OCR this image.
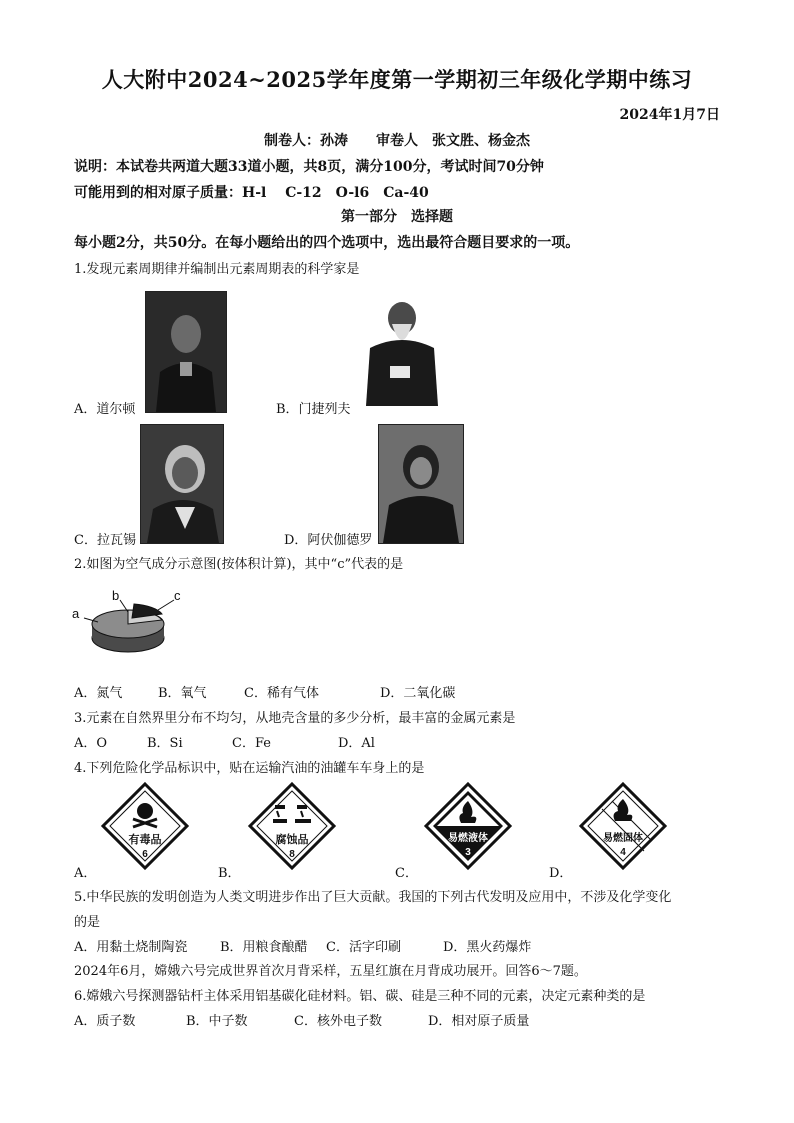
人大附中2024~2025学年度第一学期初三年级化学期中练习
2024年1月7日
制卷人：孙涛　　审卷人　张文胜、杨金杰
说明：本试卷共两道大题33道小题，共8页，满分100分，考试时间70分钟
可能用到的相对原子质量：H-l　 C-12　O-l6　Ca-40
第一部分　选择题
每小题2分，共50分。在每小题给出的四个选项中，选出最符合题目要求的一项。
1.发现元素周期律并编制出元素周期表的科学家是
A．道尔顿	B．门捷列夫
C．拉瓦锡	D．阿伏伽德罗
2.如图为空气成分示意图(按体积计算)，其中“c”代表的是
a
b	c
A．氮气	B．氧气	C．稀有气体	D．二氧化碳
3.元素在自然界里分布不均匀，从地壳含量的多少分析，最丰富的金属元素是
A．O	B．Si	C．Fe	D．Al
4.下列危险化学品标识中，贴在运输汽油的油罐车车身上的是
有毒品
6
腐蚀品
8
易燃液体
3
易燃固体
4
A．	B．	C．	D．
5.中华民族的发明创造为人类文明进步作出了巨大贡献。我国的下列古代发明及应用中，不涉及化学变化
的是
A．用黏土烧制陶瓷	B．用粮食酿醋 C．活字印刷	D．黑火药爆炸
2024年6月，嫦娥六号完成世界首次月背采样，五星红旗在月背成功展开。回答6～7题。
6.嫦娥六号探测器钻杆主体采用铝基碳化硅材料。铝、碳、硅是三种不同的元素，决定元素种类的是
A．质子数	B．中子数	C．核外电子数	D．相对原子质量
